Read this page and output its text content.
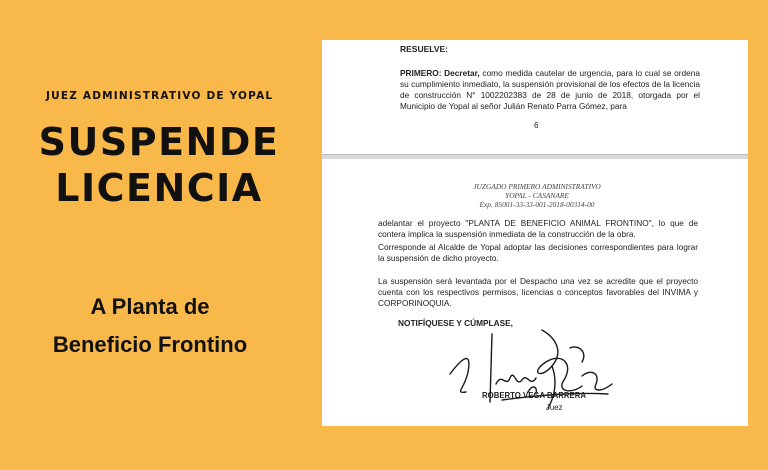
JUEZ ADMINISTRATIVO DE YOPAL
SUSPENDE
LICENCIA
A Planta de
Beneficio Frontino
RESUELVE:
PRIMERO: Decretar, como medida cautelar de urgencia, para lo cual se ordena su cumplimiento inmediato, la suspensión provisional de los efectos de la licencia de construcción N° 1002202383 de 28 de junio de 2018, otorgada por el Municipio de Yopal al señor Julián Renato Parra Gómez, para
6
JUZGADO PRIMERO ADMINISTRATIVO
YOPAL - CASANARE
Exp. 85001-33-33-001-2018-00314-00
adelantar el proyecto "PLANTA DE BENEFICIO ANIMAL FRONTINO", lo que de contera implica la suspensión inmediata de la construcción de la obra.
Corresponde al Alcalde de Yopal adoptar las decisiones correspondientes para lograr la suspensión de dicho proyecto.
La suspensión será levantada por el Despacho una vez se acredite que el proyecto cuenta con los respectivos permisos, licencias o conceptos favorables del INVIMA y CORPORINOQUIA.
NOTIFÍQUESE Y CÚMPLASE,
ROBERTO VEGA BARRERA
Juez
